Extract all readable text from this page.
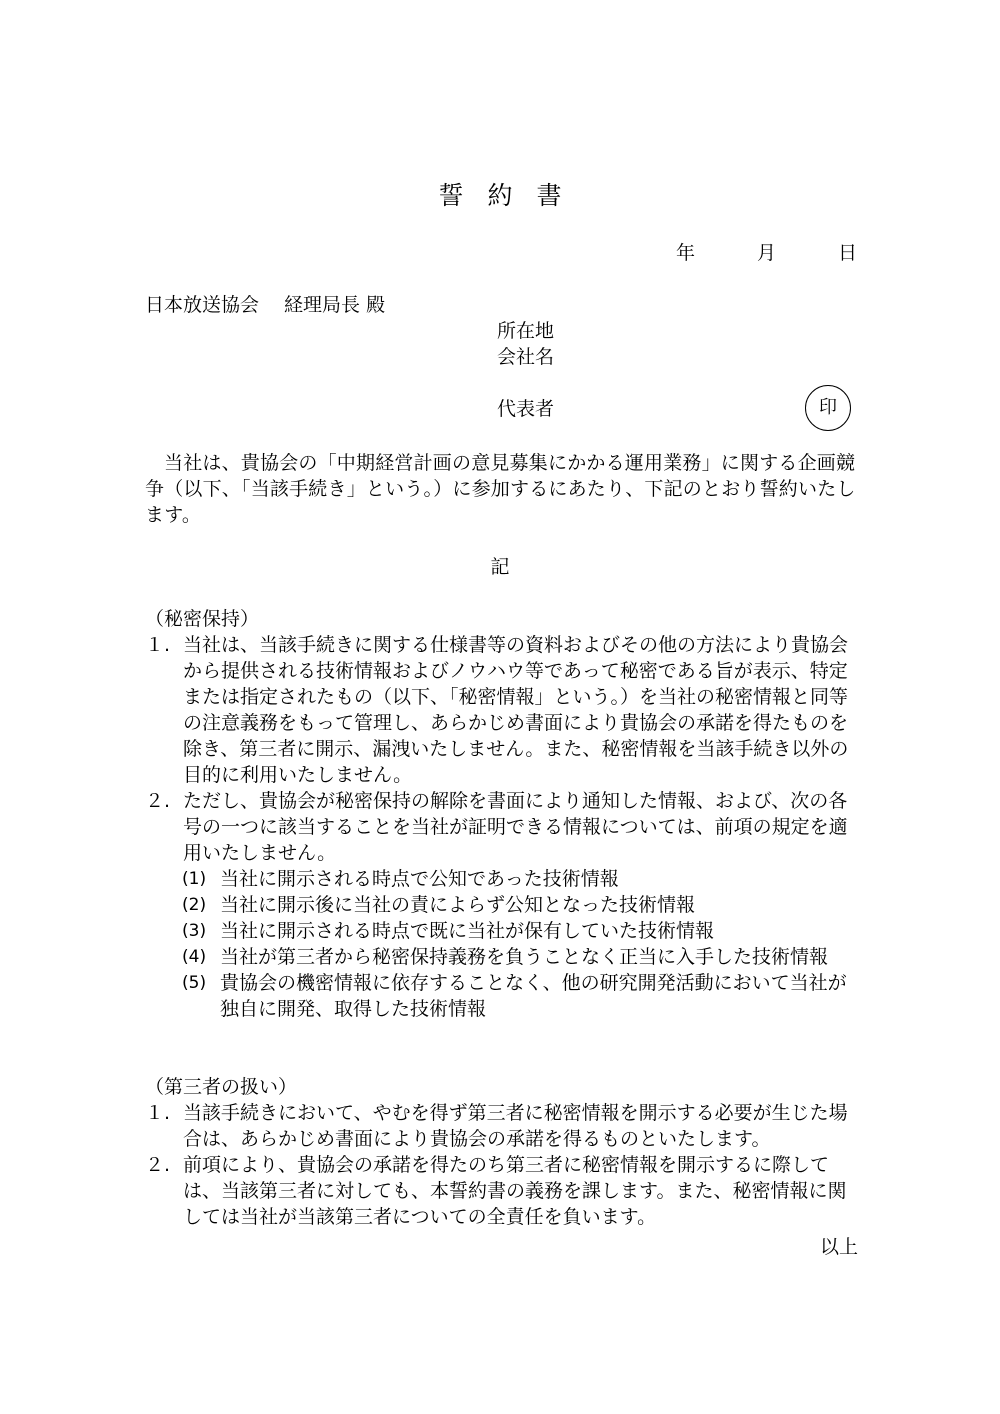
誓約書
年	月	日
日本放送協会　 経理局長 殿
所在地
会社名
代表者	印
当社は、貴協会の「中期経営計画の意見募集にかかる運用業務」に関する企画競争（以下、「当該手続き」という。）に参加するにあたり、下記のとおり誓約いたします。
記
（秘密保持）
１. 当社は、当該手続きに関する仕様書等の資料およびその他の方法により貴協会から提供される技術情報およびノウハウ等であって秘密である旨が表示、特定または指定されたもの（以下、「秘密情報」という。）を当社の秘密情報と同等の注意義務をもって管理し、あらかじめ書面により貴協会の承諾を得たものを除き、第三者に開示、漏洩いたしません。また、秘密情報を当該手続き以外の目的に利用いたしません。
２. ただし、貴協会が秘密保持の解除を書面により通知した情報、および、次の各号の一つに該当することを当社が証明できる情報については、前項の規定を適用いたしません。
(1) 当社に開示される時点で公知であった技術情報
(2) 当社に開示後に当社の責によらず公知となった技術情報
(3) 当社に開示される時点で既に当社が保有していた技術情報
(4) 当社が第三者から秘密保持義務を負うことなく正当に入手した技術情報
(5) 貴協会の機密情報に依存することなく、他の研究開発活動において当社が独自に開発、取得した技術情報
（第三者の扱い）
１. 当該手続きにおいて、やむを得ず第三者に秘密情報を開示する必要が生じた場合は、あらかじめ書面により貴協会の承諾を得るものといたします。
２. 前項により、貴協会の承諾を得たのち第三者に秘密情報を開示するに際しては、当該第三者に対しても、本誓約書の義務を課します。また、秘密情報に関しては当社が当該第三者についての全責任を負います。
以上
